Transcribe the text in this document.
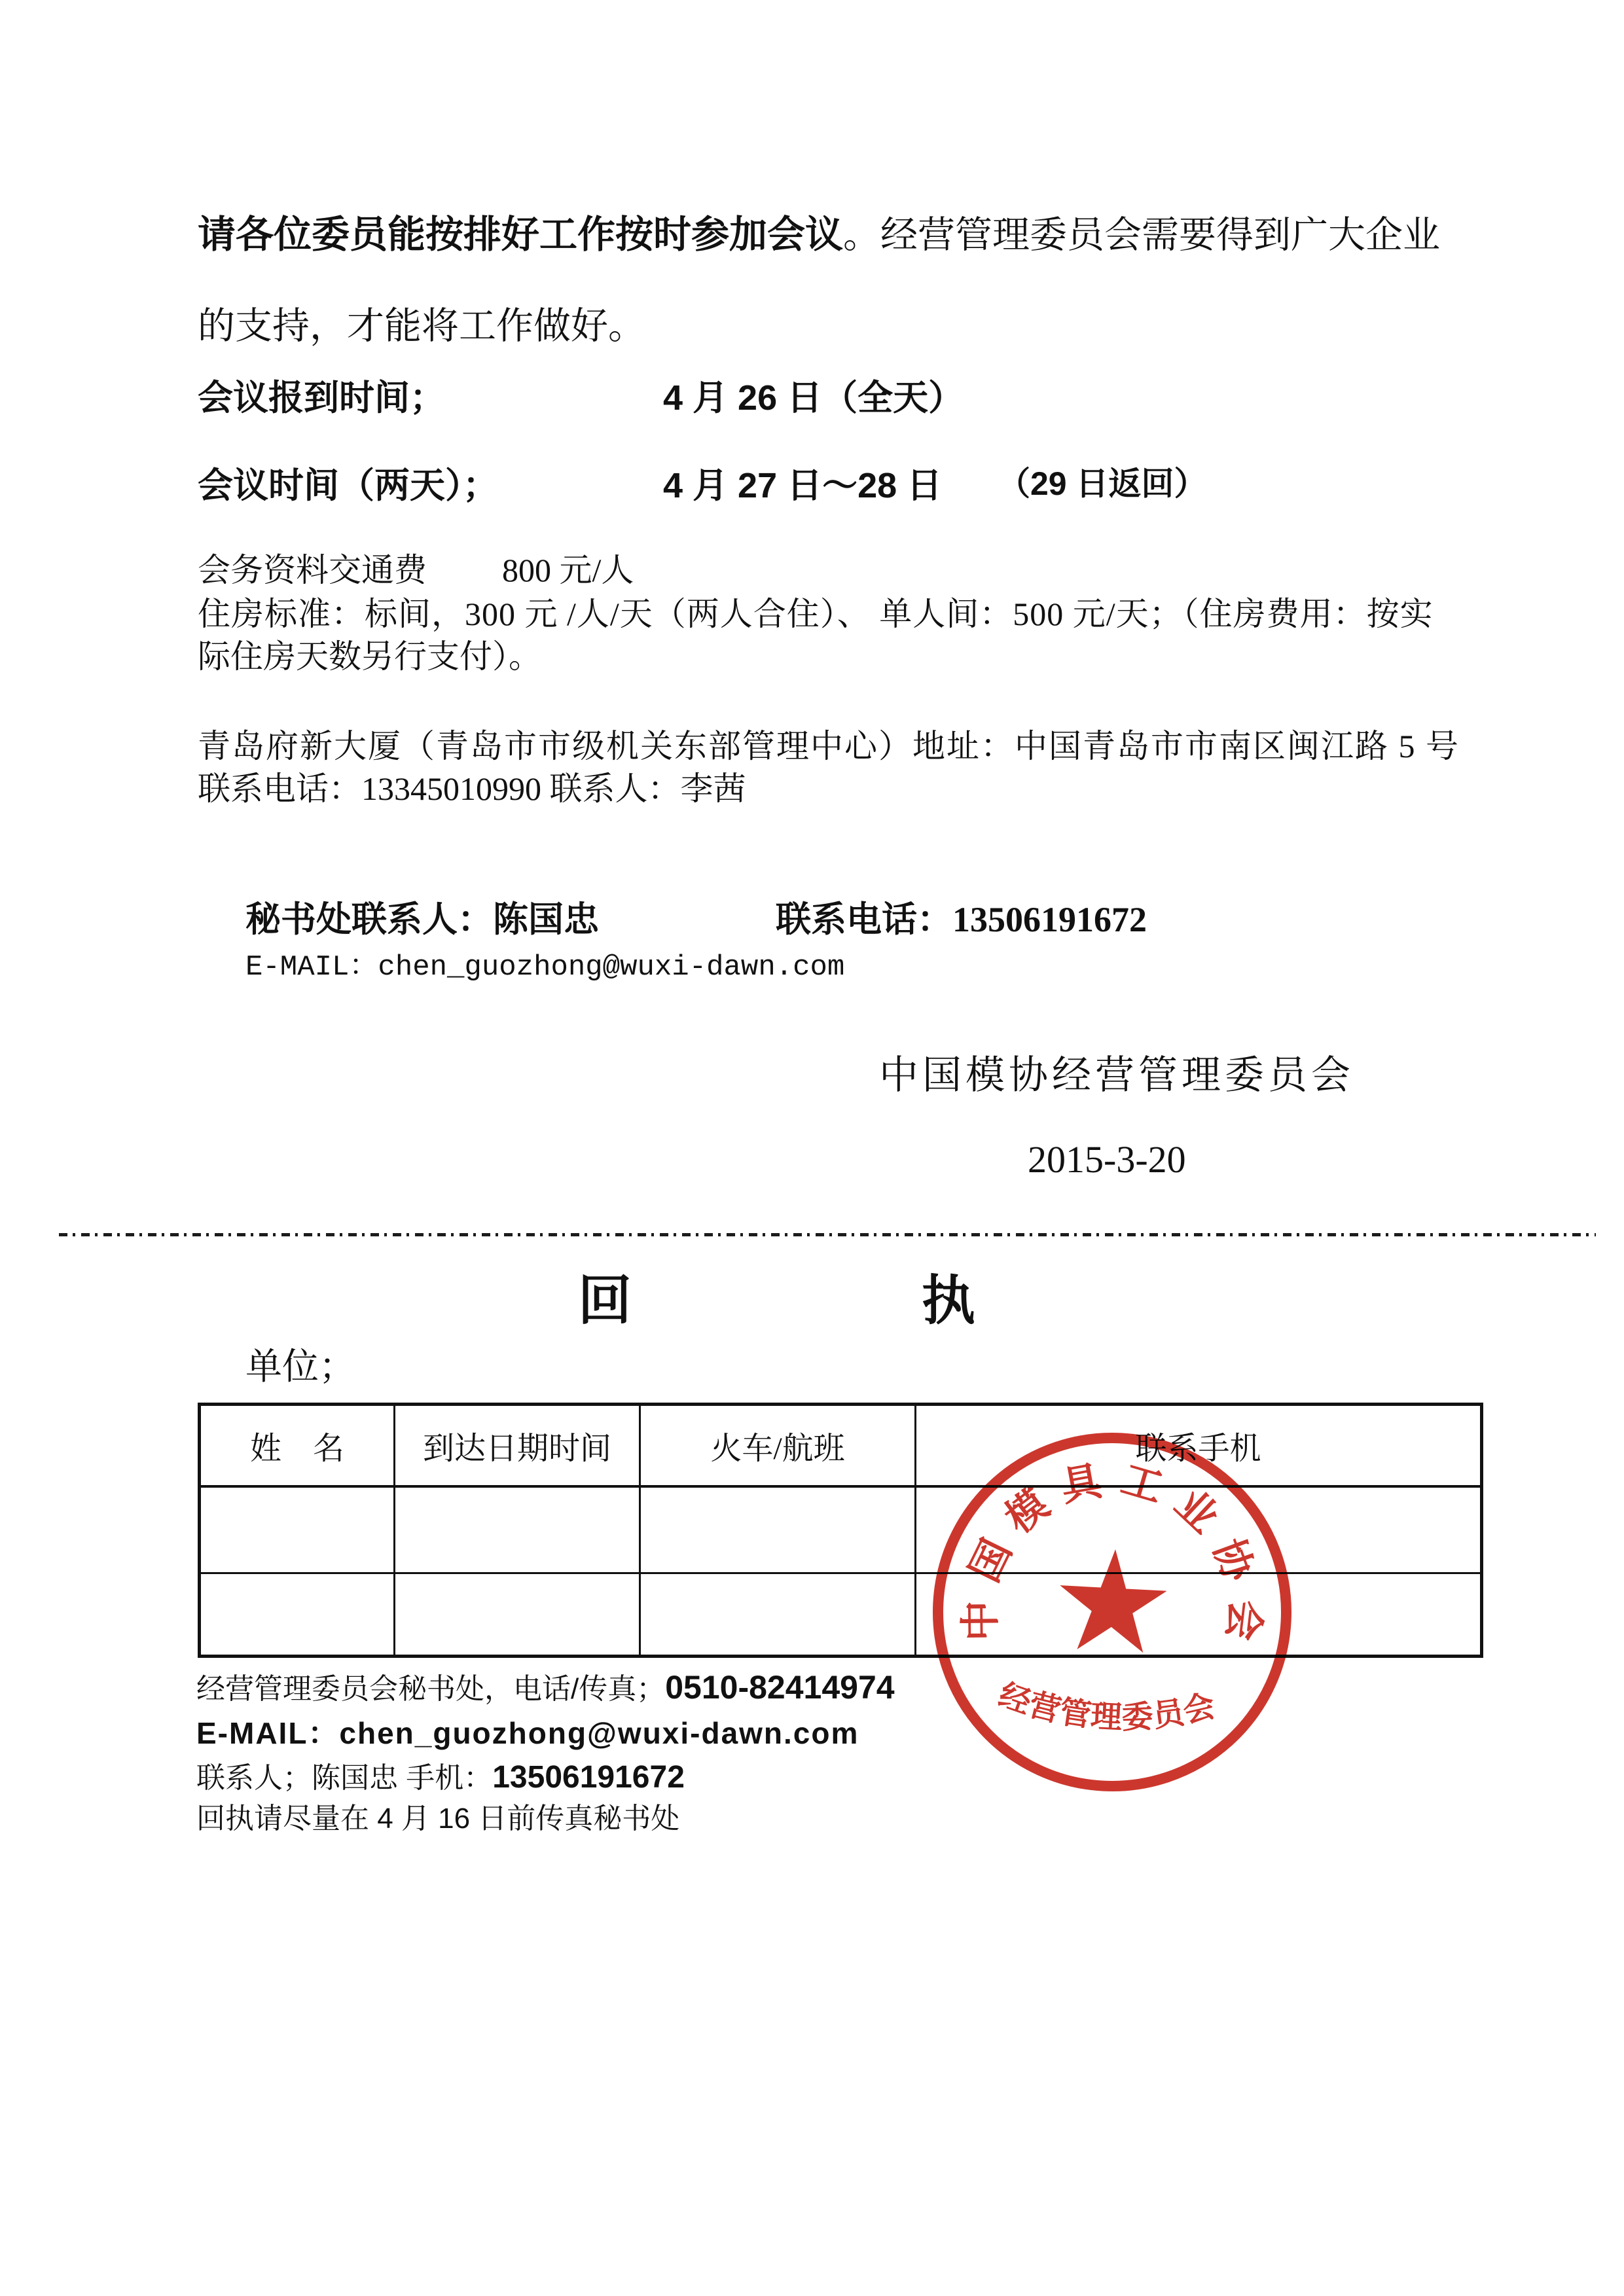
请各位委员能按排好工作按时参加会议。经营管理委员会需要得到广大企业
的支持，才能将工作做好。
会议报到时间；	4 月 26 日（全天）
会议时间（两天）；	4 月 27 日～28 日 （29 日返回）
会务资料交通费 800 元/人
住房标准：标间，300 元 /人/天（两人合住）、 单人间：500 元/天；（住房费用：按实
际住房天数另行支付）。
青岛府新大厦（青岛市市级机关东部管理中心）地址：中国青岛市市南区闽江路 5 号
联系电话：13345010990 联系人：李茜
秘书处联系人：陈国忠	联系电话：13506191672
E-MAIL：chen_guozhong@wuxi-dawn.com
中国模协经营管理委员会
2015-3-20
回	执
单位；
姓　名	到达日期时间	火车/航班	联系手机

经营管理委员会秘书处，电话/传真；0510-82414974
E-MAIL：chen_guozhong@wuxi-dawn.com
联系人；陈国忠 手机：13506191672
回执请尽量在 4 月 16 日前传真秘书处
中国模具工业协会
经营管理委员会
